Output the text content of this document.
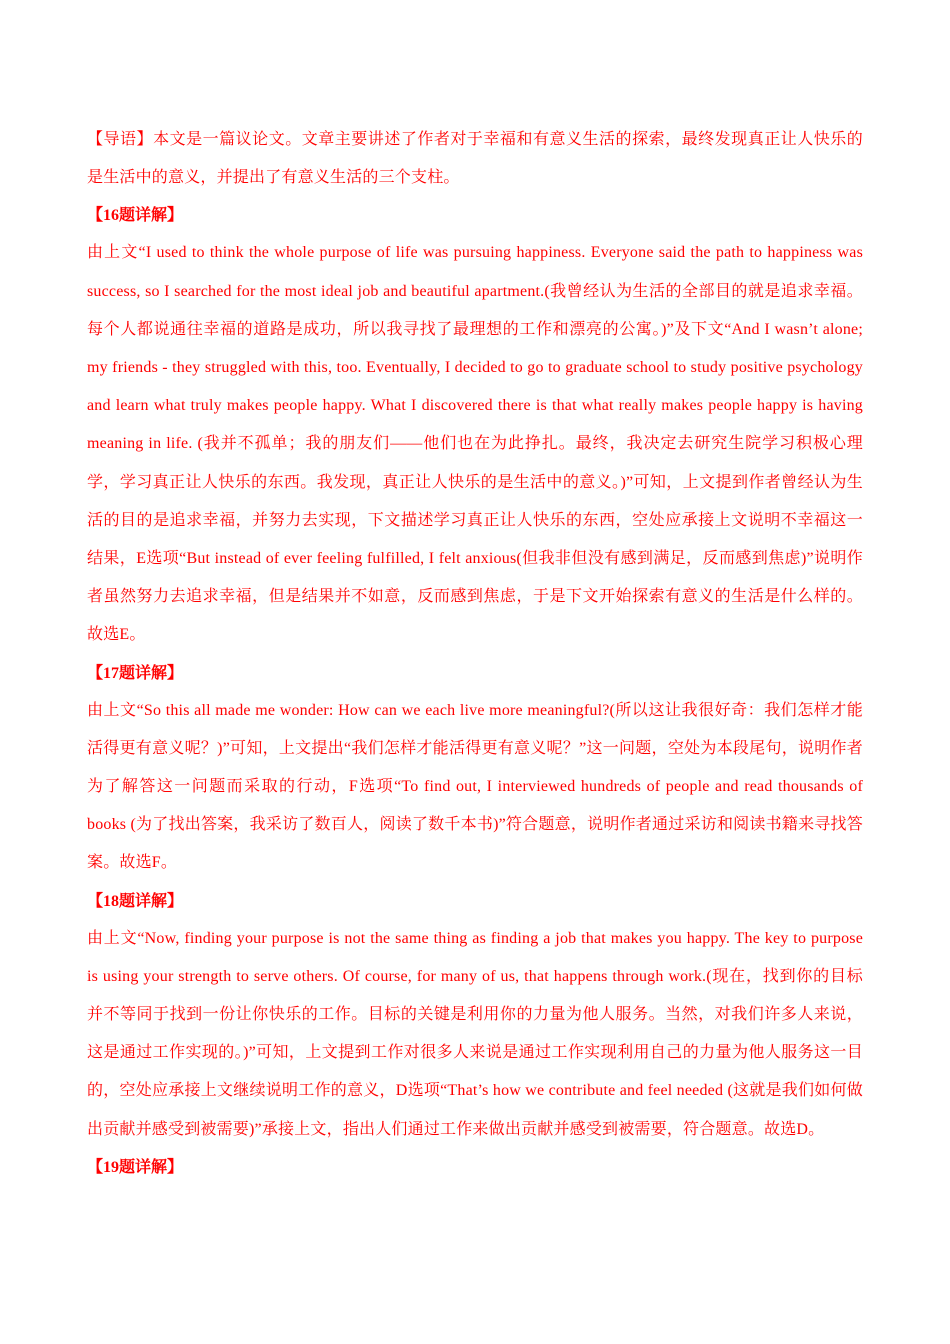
【导语】本文是一篇议论文。文章主要讲述了作者对于幸福和有意义生活的探索，最终发现真正让人快乐的是生活中的意义，并提出了有意义生活的三个支柱。

【16题详解】

由上文“I used to think the whole purpose of life was pursuing happiness. Everyone said the path to happiness was success, so I searched for the most ideal job and beautiful apartment.(我曾经认为生活的全部目的就是追求幸福。每个人都说通往幸福的道路是成功，所以我寻找了最理想的工作和漂亮的公寓。)”及下文“And I wasn’t alone; my friends - they struggled with this, too. Eventually, I decided to go to graduate school to study positive psychology and learn what truly makes people happy. What I discovered there is that what really makes people happy is having meaning in life. (我并不孤单；我的朋友们——他们也在为此挣扎。最终，我决定去研究生院学习积极心理学，学习真正让人快乐的东西。我发现，真正让人快乐的是生活中的意义。)”可知，上文提到作者曾经认为生活的目的是追求幸福，并努力去实现，下文描述学习真正让人快乐的东西，空处应承接上文说明不幸福这一结果，E选项“But instead of ever feeling fulfilled, I felt anxious(但我非但没有感到满足，反而感到焦虑)”说明作者虽然努力去追求幸福，但是结果并不如意，反而感到焦虑，于是下文开始探索有意义的生活是什么样的。故选E。

【17题详解】

由上文“So this all made me wonder: How can we each live more meaningful?(所以这让我很好奇：我们怎样才能活得更有意义呢？)”可知，上文提出“我们怎样才能活得更有意义呢？”这一问题，空处为本段尾句，说明作者为了解答这一问题而采取的行动，F选项“To find out, I interviewed hundreds of people and read thousands of books (为了找出答案，我采访了数百人，阅读了数千本书)”符合题意，说明作者通过采访和阅读书籍来寻找答案。故选F。

【18题详解】

由上文“Now, finding your purpose is not the same thing as finding a job that makes you happy. The key to purpose is using your strength to serve others. Of course, for many of us, that happens through work.(现在，找到你的目标并不等同于找到一份让你快乐的工作。目标的关键是利用你的力量为他人服务。当然，对我们许多人来说，这是通过工作实现的。)”可知，上文提到工作对很多人来说是通过工作实现利用自己的力量为他人服务这一目的，空处应承接上文继续说明工作的意义，D选项“That’s how we contribute and feel needed (这就是我们如何做出贡献并感受到被需要)”承接上文，指出人们通过工作来做出贡献并感受到被需要，符合题意。故选D。

【19题详解】
